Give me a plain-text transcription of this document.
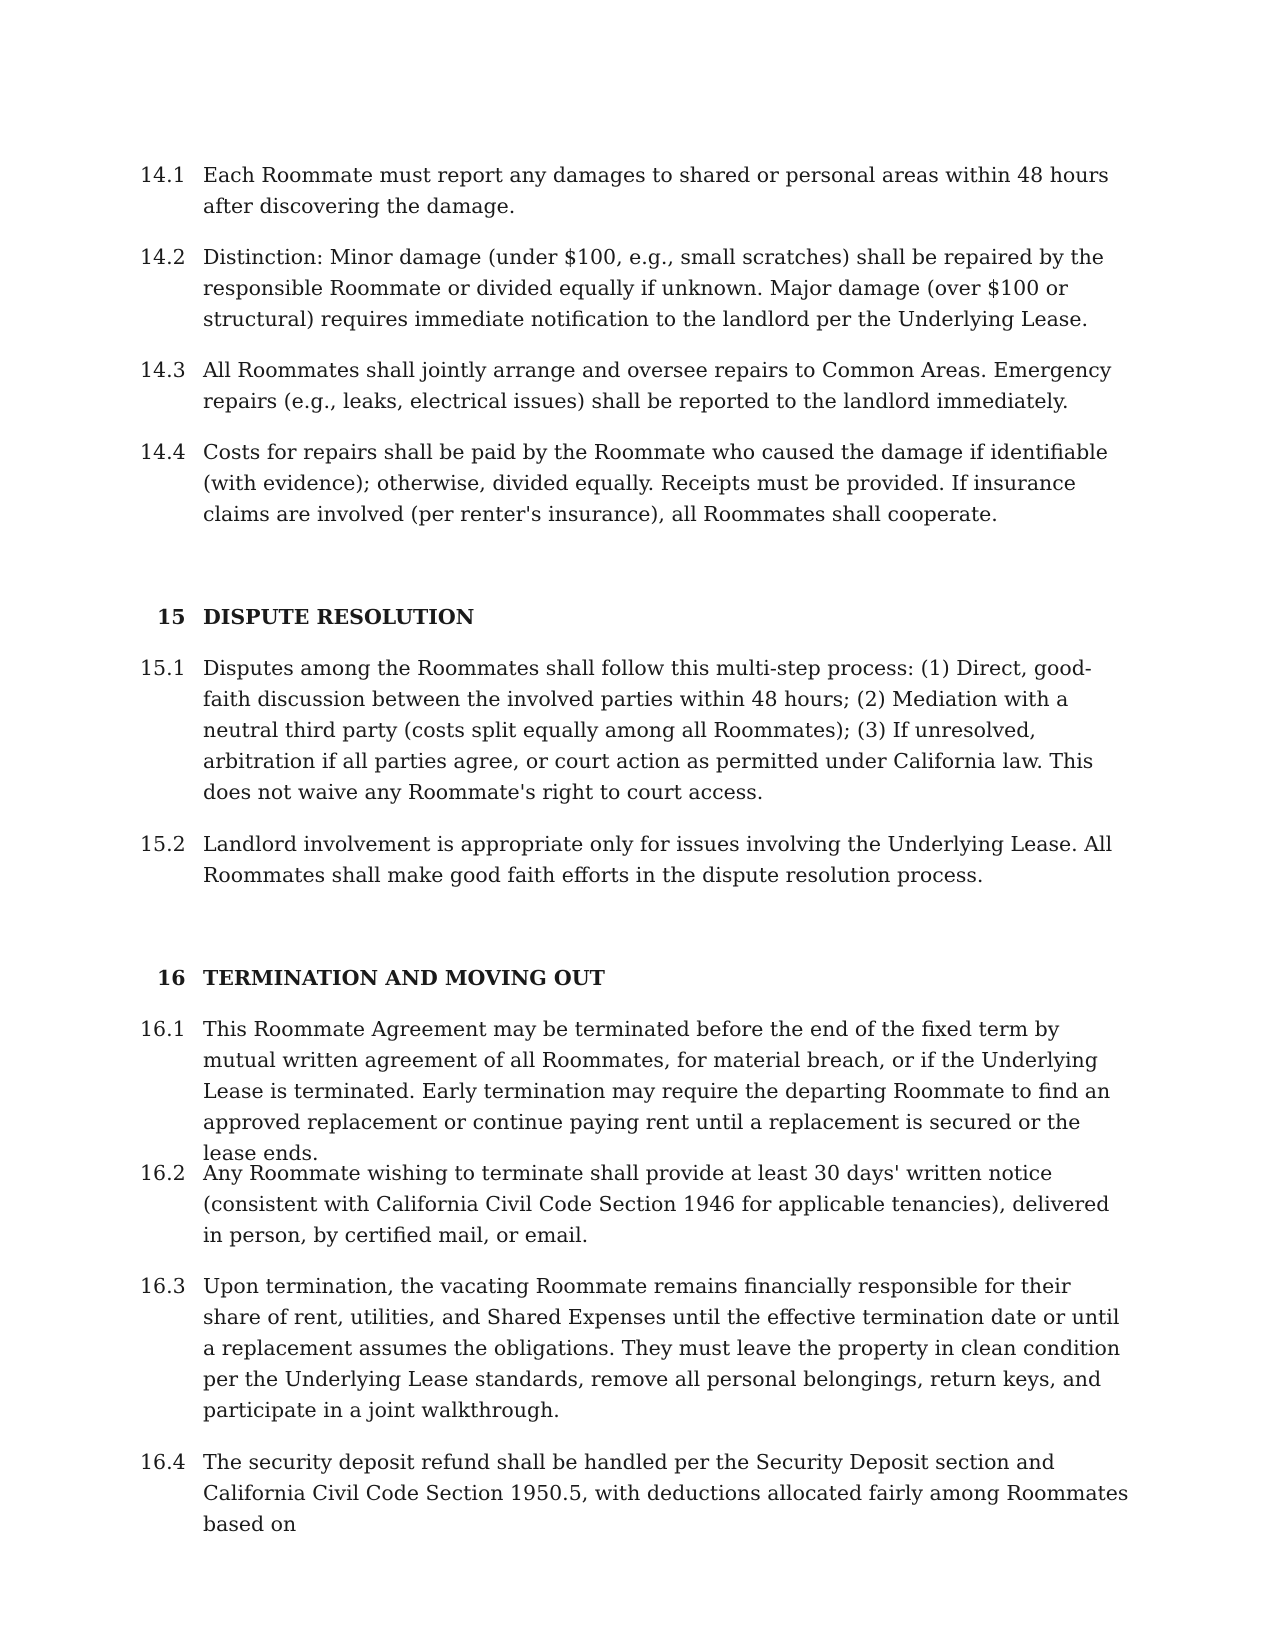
14.1 Each Roommate must report any damages to shared or personal areas within 48 hours after discovering the damage.
14.2 Distinction: Minor damage (under $100, e.g., small scratches) shall be repaired by the responsible Roommate or divided equally if unknown. Major damage (over $100 or structural) requires immediate notification to the landlord per the Underlying Lease.
14.3 All Roommates shall jointly arrange and oversee repairs to Common Areas. Emergency repairs (e.g., leaks, electrical issues) shall be reported to the landlord immediately.
14.4 Costs for repairs shall be paid by the Roommate who caused the damage if identifiable (with evidence); otherwise, divided equally. Receipts must be provided. If insurance claims are involved (per renter's insurance), all Roommates shall cooperate.
15 DISPUTE RESOLUTION
15.1 Disputes among the Roommates shall follow this multi-step process: (1) Direct, good-faith discussion between the involved parties within 48 hours; (2) Mediation with a neutral third party (costs split equally among all Roommates); (3) If unresolved, arbitration if all parties agree, or court action as permitted under California law. This does not waive any Roommate's right to court access.
15.2 Landlord involvement is appropriate only for issues involving the Underlying Lease. All Roommates shall make good faith efforts in the dispute resolution process.
16 TERMINATION AND MOVING OUT
16.1 This Roommate Agreement may be terminated before the end of the fixed term by mutual written agreement of all Roommates, for material breach, or if the Underlying Lease is terminated. Early termination may require the departing Roommate to find an approved replacement or continue paying rent until a replacement is secured or the lease ends.
16.2 Any Roommate wishing to terminate shall provide at least 30 days' written notice (consistent with California Civil Code Section 1946 for applicable tenancies), delivered in person, by certified mail, or email.
16.3 Upon termination, the vacating Roommate remains financially responsible for their share of rent, utilities, and Shared Expenses until the effective termination date or until a replacement assumes the obligations. They must leave the property in clean condition per the Underlying Lease standards, remove all personal belongings, return keys, and participate in a joint walkthrough.
16.4 The security deposit refund shall be handled per the Security Deposit section and California Civil Code Section 1950.5, with deductions allocated fairly among Roommates based on
